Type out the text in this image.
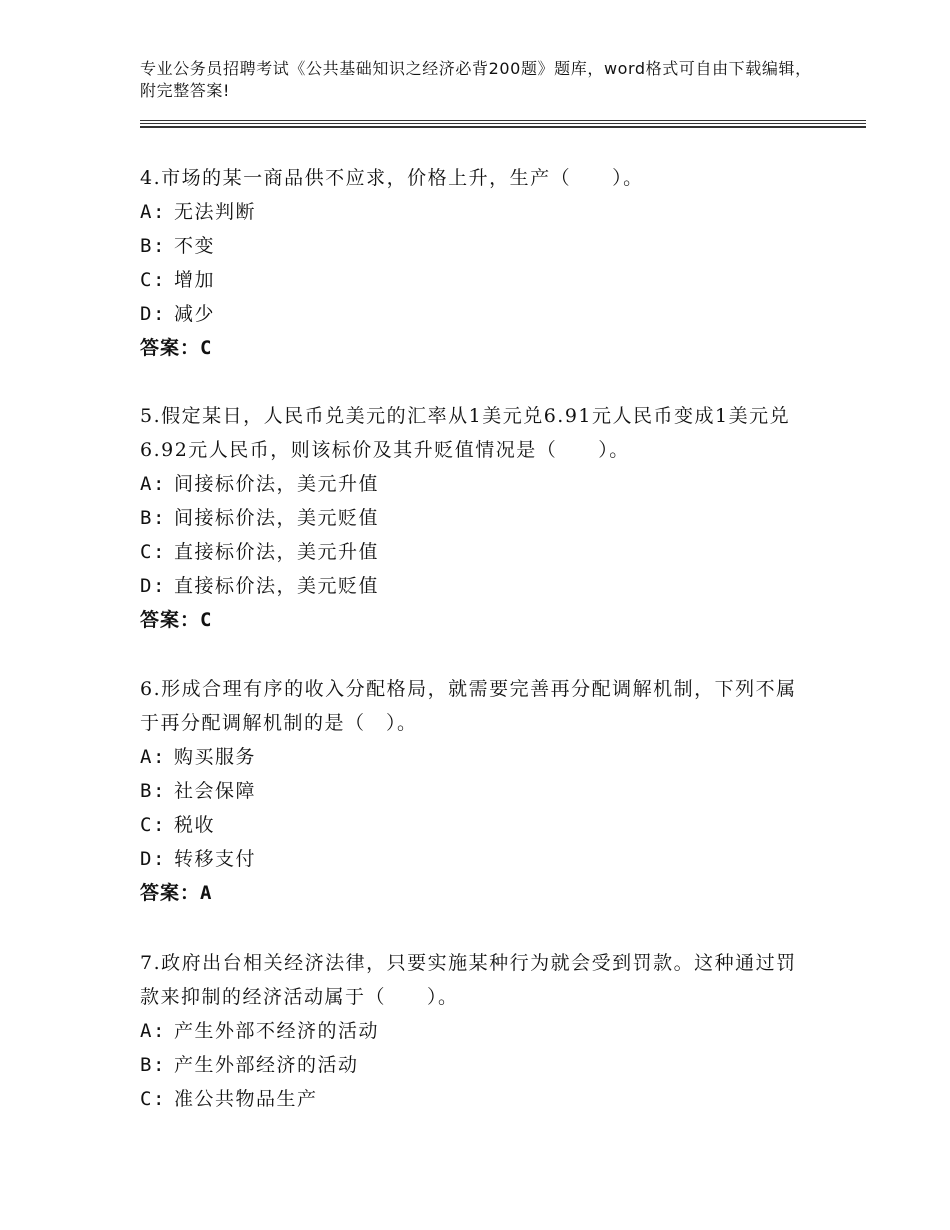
专业公务员招聘考试《公共基础知识之经济必背200题》题库，word格式可自由下载编辑，附完整答案!
4.市场的某一商品供不应求，价格上升，生产（　　）。
A: 无法判断
B: 不变
C: 增加
D: 减少
答案：C
5.假定某日，人民币兑美元的汇率从1美元兑6.91元人民币变成1美元兑6.92元人民币，则该标价及其升贬值情况是（　　）。
A: 间接标价法，美元升值
B: 间接标价法，美元贬值
C: 直接标价法，美元升值
D: 直接标价法，美元贬值
答案：C
6.形成合理有序的收入分配格局，就需要完善再分配调解机制，下列不属于再分配调解机制的是（　）。
A: 购买服务
B: 社会保障
C: 税收
D: 转移支付
答案：A
7.政府出台相关经济法律，只要实施某种行为就会受到罚款。这种通过罚款来抑制的经济活动属于（　　）。
A: 产生外部不经济的活动
B: 产生外部经济的活动
C: 准公共物品生产
